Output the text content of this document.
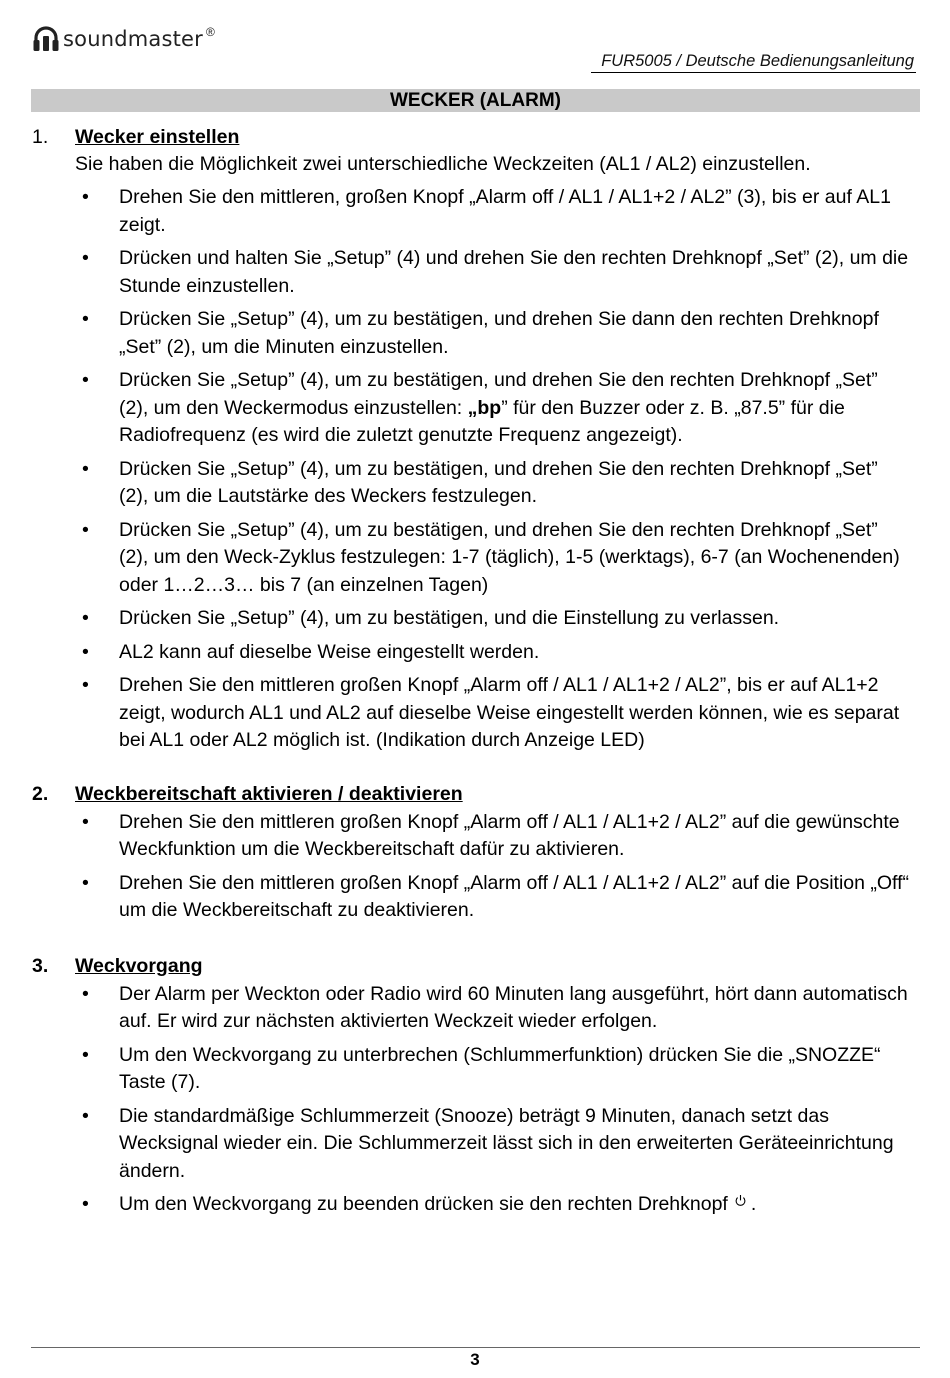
soundmaster ®
FUR5005 / Deutsche Bedienungsanleitung
WECKER (ALARM)
1. Wecker einstellen
Sie haben die Möglichkeit zwei unterschiedliche Weckzeiten (AL1 / AL2) einzustellen.
• Drehen Sie den mittleren, großen Knopf „Alarm off / AL1 / AL1+2 / AL2” (3), bis er auf AL1 zeigt.
• Drücken und halten Sie „Setup” (4) und drehen Sie den rechten Drehknopf „Set” (2), um die Stunde einzustellen.
• Drücken Sie „Setup” (4), um zu bestätigen, und drehen Sie dann den rechten Drehknopf „Set” (2), um die Minuten einzustellen.
• Drücken Sie „Setup” (4), um zu bestätigen, und drehen Sie den rechten Drehknopf „Set” (2), um den Weckermodus einzustellen: „bp” für den Buzzer oder z. B. „87.5” für die Radiofrequenz (es wird die zuletzt genutzte Frequenz angezeigt).
• Drücken Sie „Setup” (4), um zu bestätigen, und drehen Sie den rechten Drehknopf „Set” (2), um die Lautstärke des Weckers festzulegen.
• Drücken Sie „Setup” (4), um zu bestätigen, und drehen Sie den rechten Drehknopf „Set” (2), um den Weck-Zyklus festzulegen: 1-7 (täglich), 1-5 (werktags), 6-7 (an Wochenenden) oder 1…2…3… bis 7 (an einzelnen Tagen)
• Drücken Sie „Setup” (4), um zu bestätigen, und die Einstellung zu verlassen.
• AL2 kann auf dieselbe Weise eingestellt werden.
• Drehen Sie den mittleren großen Knopf „Alarm off / AL1 / AL1+2 / AL2”, bis er auf AL1+2 zeigt, wodurch AL1 und AL2 auf dieselbe Weise eingestellt werden können, wie es separat bei AL1 oder AL2 möglich ist. (Indikation durch Anzeige LED)
2. Weckbereitschaft aktivieren / deaktivieren
• Drehen Sie den mittleren großen Knopf „Alarm off / AL1 / AL1+2 / AL2” auf die gewünschte Weckfunktion um die Weckbereitschaft dafür zu aktivieren.
• Drehen Sie den mittleren großen Knopf „Alarm off / AL1 / AL1+2 / AL2” auf die Position „Off“ um die Weckbereitschaft zu deaktivieren.
3. Weckvorgang
• Der Alarm per Weckton oder Radio wird 60 Minuten lang ausgeführt, hört dann automatisch auf. Er wird zur nächsten aktivierten Weckzeit wieder erfolgen.
• Um den Weckvorgang zu unterbrechen (Schlummerfunktion) drücken Sie die „SNOZZE“ Taste (7).
• Die standardmäßige Schlummerzeit (Snooze) beträgt 9 Minuten, danach setzt das Wecksignal wieder ein. Die Schlummerzeit lässt sich in den erweiterten Geräteeinrichtung ändern.
• Um den Weckvorgang zu beenden drücken sie den rechten Drehknopf .
3
